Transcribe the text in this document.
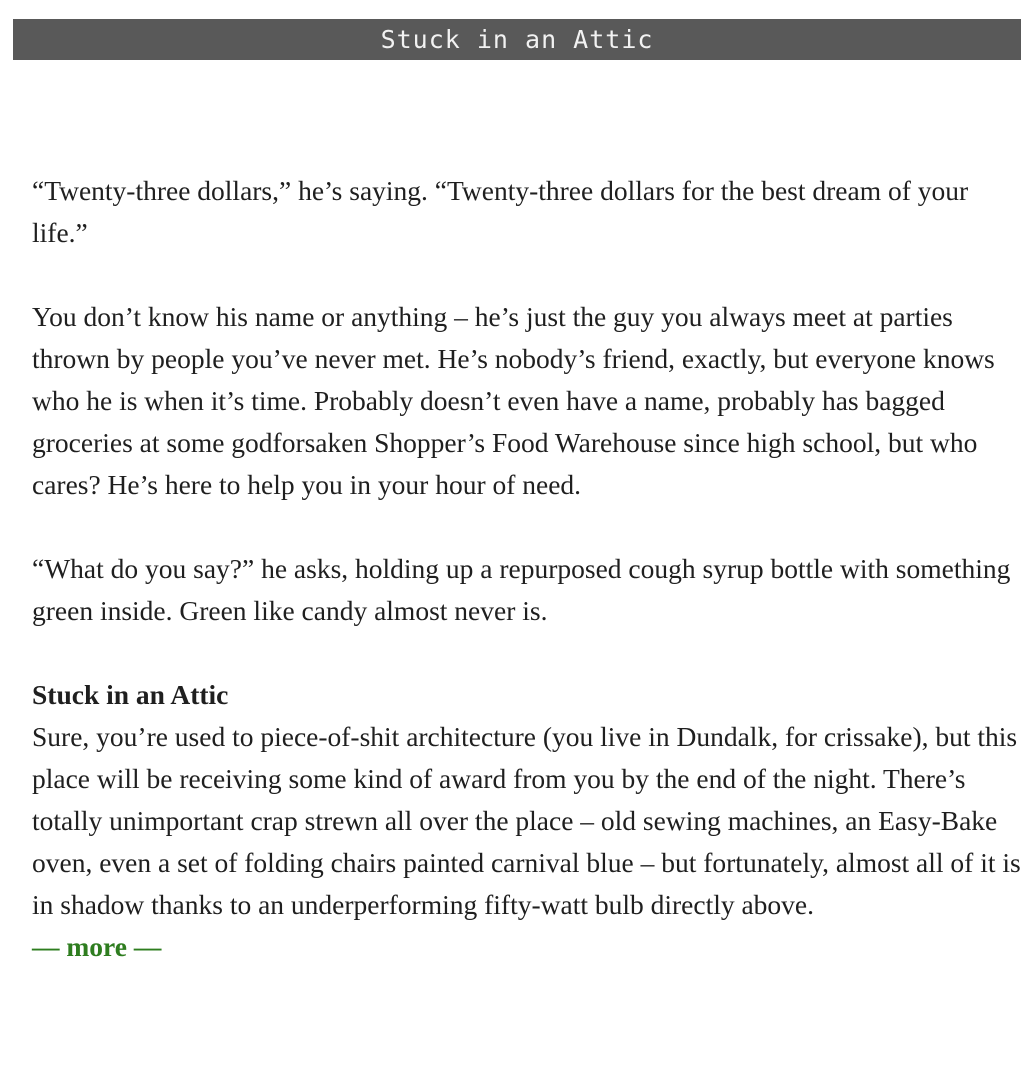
Stuck in an Attic

“Twenty-three dollars,” he’s saying. “Twenty-three dollars for the best dream of your life.”

You don’t know his name or anything – he’s just the guy you always meet at parties thrown by people you’ve never met. He’s nobody’s friend, exactly, but everyone knows who he is when it’s time. Probably doesn’t even have a name, probably has bagged groceries at some godforsaken Shopper’s Food Warehouse since high school, but who cares? He’s here to help you in your hour of need.

“What do you say?” he asks, holding up a repurposed cough syrup bottle with something green inside. Green like candy almost never is.

Stuck in an Attic

Sure, you’re used to piece-of-shit architecture (you live in Dundalk, for crissake), but this place will be receiving some kind of award from you by the end of the night. There’s totally unimportant crap strewn all over the place – old sewing machines, an Easy-Bake oven, even a set of folding chairs painted carnival blue – but fortunately, almost all of it is in shadow thanks to an underperforming fifty-watt bulb directly above.

— more —
